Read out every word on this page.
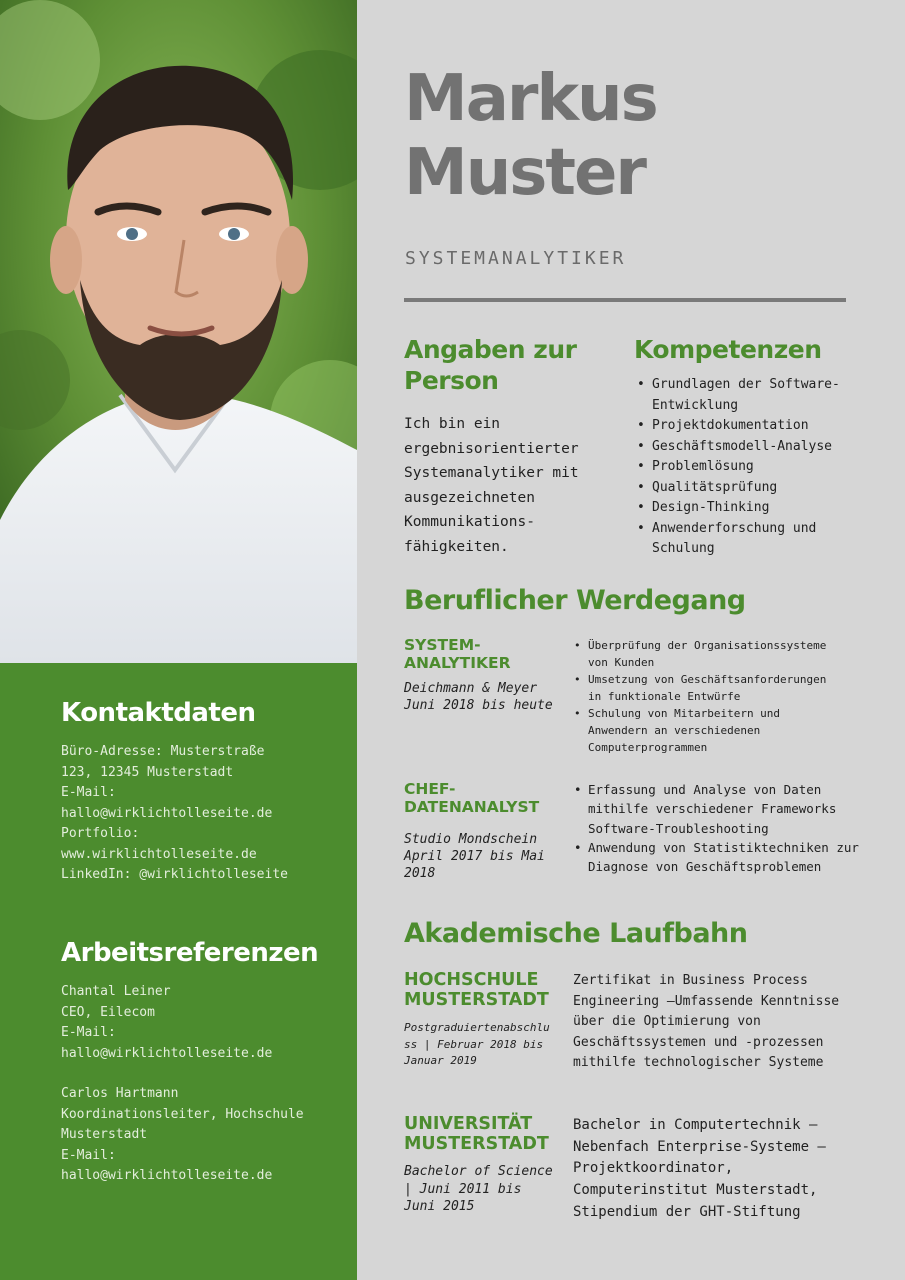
Kontaktdaten
Büro-Adresse: Musterstraße
123, 12345 Musterstadt
E-Mail:
hallo@wirklichtolleseite.de
Portfolio:
www.wirklichtolleseite.de
LinkedIn: @wirklichtolleseite
Arbeitsreferenzen
Chantal Leiner
CEO, Eilecom
E-Mail:
hallo@wirklichtolleseite.de
Carlos Hartmann
Koordinationsleiter, Hochschule
Musterstadt
E-Mail:
hallo@wirklichtolleseite.de
Markus
Muster
SYSTEMANALYTIKER
Angaben zur
Person

Ich bin ein ergebnisorientierter Systemanalytiker mit ausgezeichneten Kommunikations-fähigkeiten.

Kompetenzen
• Grundlagen der Software-Entwicklung
• Projektdokumentation
• Geschäftsmodell-Analyse
• Problemlösung
• Qualitätsprüfung
• Design-Thinking
• Anwenderforschung und Schulung
Beruflicher Werdegang
SYSTEM-ANALYTIKER
Deichmann & Meyer
Juni 2018 bis heute
• Überprüfung der Organisationssysteme von Kunden
• Umsetzung von Geschäftsanforderungen in funktionale Entwürfe
• Schulung von Mitarbeitern und Anwendern an verschiedenen Computerprogrammen
CHEF-DATENANALYST
Studio Mondschein
April 2017 bis Mai 2018
• Erfassung und Analyse von Daten mithilfe verschiedener Frameworks Software-Troubleshooting
• Anwendung von Statistiktechniken zur Diagnose von Geschäftsproblemen
Akademische Laufbahn
HOCHSCHULE
MUSTERSTADT
Postgraduiertenabschluss | Februar 2018 bis Januar 2019
Zertifikat in Business Process Engineering –Umfassende Kenntnisse über die Optimierung von Geschäftssystemen und -prozessen mithilfe technologischer Systeme
UNIVERSITÄT
MUSTERSTADT
Bachelor of Science | Juni 2011 bis Juni 2015
Bachelor in Computertechnik – Nebenfach Enterprise-Systeme – Projektkoordinator, Computerinstitut Musterstadt, Stipendium der GHT-Stiftung
